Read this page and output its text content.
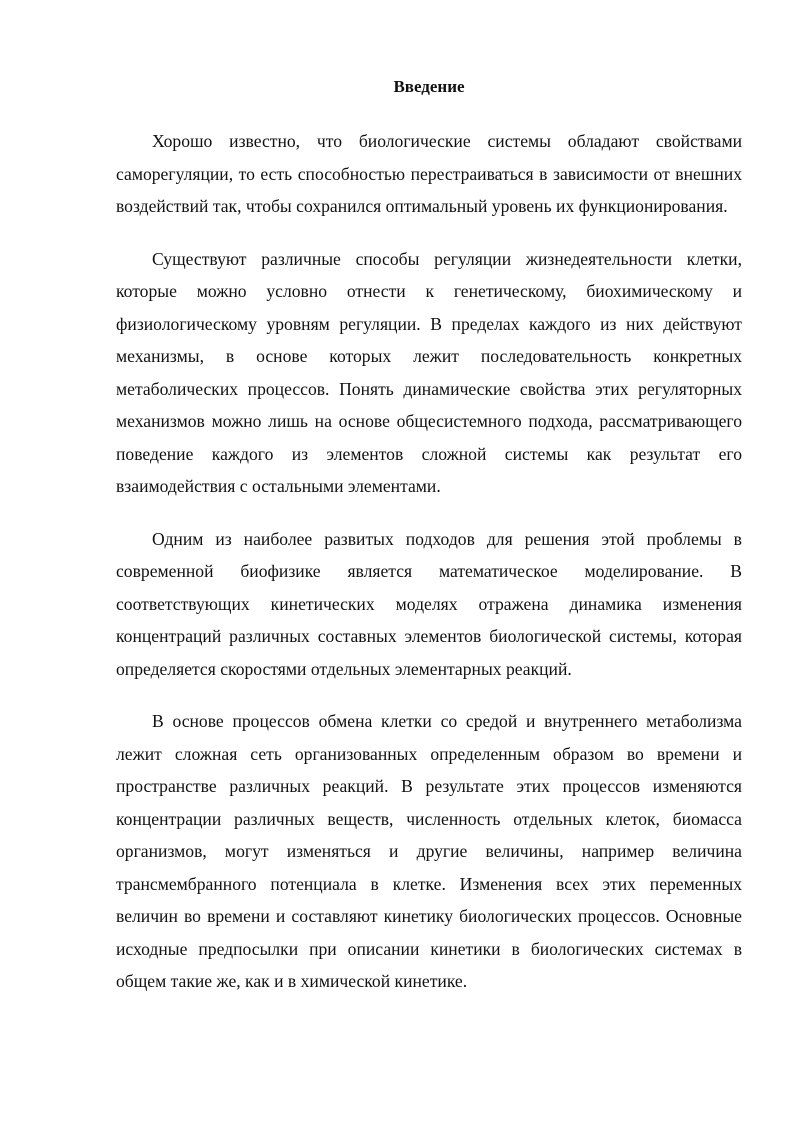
Введение

Хорошо известно, что биологические системы обладают свойствами саморегуляции, то есть способностью перестраиваться в зависимости от внешних воздействий так, чтобы сохранился оптимальный уровень их функционирования.

Существуют различные способы регуляции жизнедеятельности клетки, которые можно условно отнести к генетическому, биохимическому и физиологическому уровням регуляции. В пределах каждого из них действуют механизмы, в основе которых лежит последовательность конкретных метаболических процессов. Понять динамические свойства этих регуляторных механизмов можно лишь на основе общесистемного подхода, рассматривающего поведение каждого из элементов сложной системы как результат его взаимодействия с остальными элементами.

Одним из наиболее развитых подходов для решения этой проблемы в современной биофизике является математическое моделирование. В соответствующих кинетических моделях отражена динамика изменения концентраций различных составных элементов биологической системы, которая определяется скоростями отдельных элементарных реакций.

В основе процессов обмена клетки со средой и внутреннего метаболизма лежит сложная сеть организованных определенным образом во времени и пространстве различных реакций. В результате этих процессов изменяются концентрации различных веществ, численность отдельных клеток, биомасса организмов, могут изменяться и другие величины, например величина трансмембранного потенциала в клетке. Изменения всех этих переменных величин во времени и составляют кинетику биологических процессов. Основные исходные предпосылки при описании кинетики в биологических системах в общем такие же, как и в химической кинетике.
